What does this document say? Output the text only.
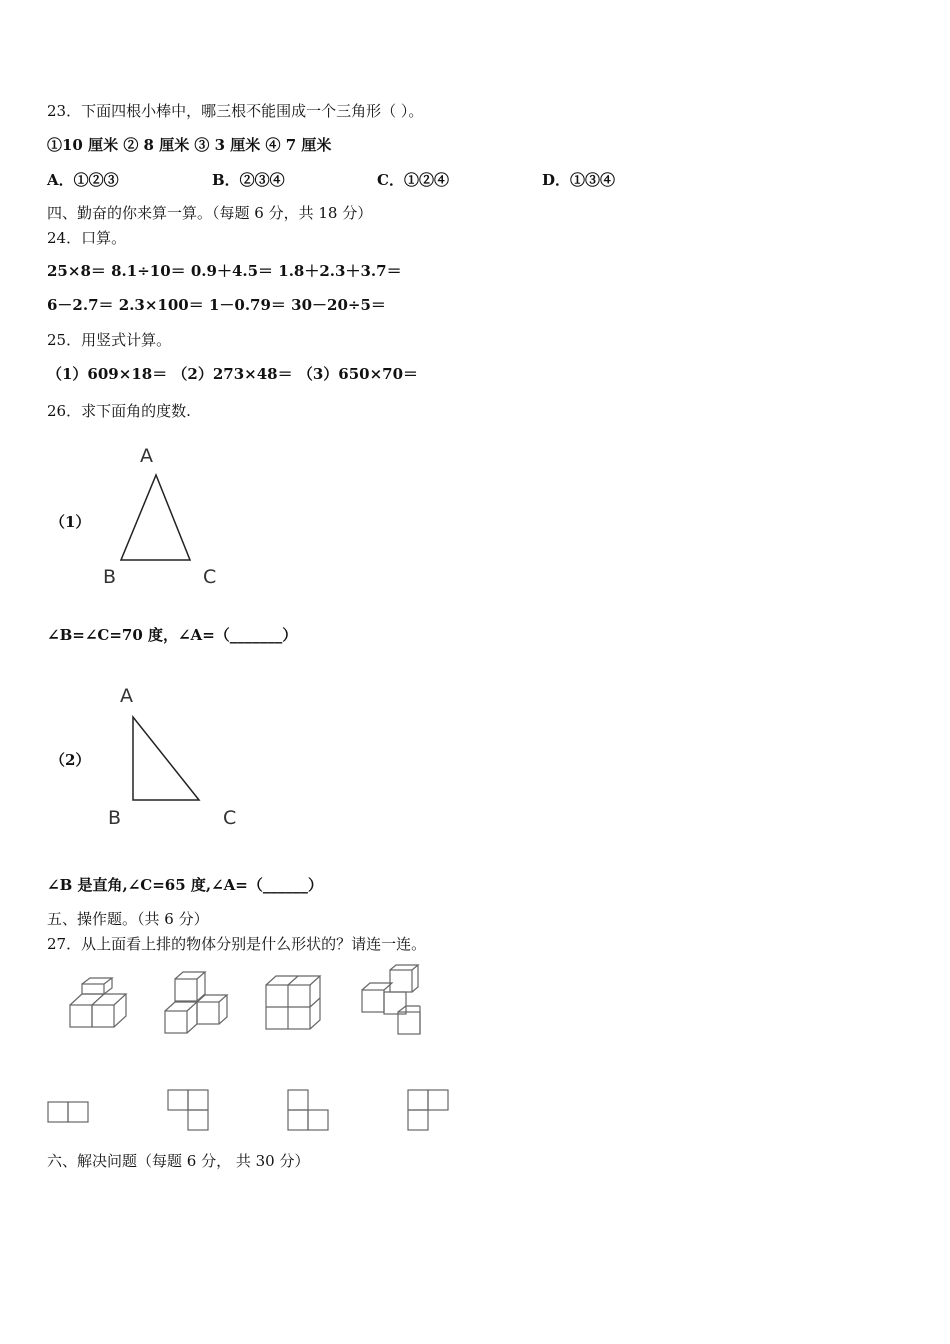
23．下面四根小棒中，哪三根不能围成一个三角形（ ）。
①10 厘米 ② 8 厘米 ③ 3 厘米 ④ 7 厘米
A．①②③	B．②③④	C．①②④	D．①③④
四、勤奋的你来算一算。（每题 6 分，共 18 分）
24．口算。
25×8＝ 8.1÷10＝ 0.9＋4.5＝ 1.8＋2.3＋3.7＝
6－2.7＝ 2.3×100＝ 1－0.79＝ 30－20÷5＝
25．用竖式计算。
（1）609×18＝ （2）273×48＝ （3）650×70＝
26．求下面角的度数.
（1）
A
B	C
∠B=∠C=70 度，∠A=（_______）
（2）
A
B	C
∠B 是直角,∠C=65 度,∠A=（______）
五、操作题。（共 6 分）
27．从上面看上排的物体分别是什么形状的？请连一连。
六、解决问题（每题 6 分， 共 30 分）
